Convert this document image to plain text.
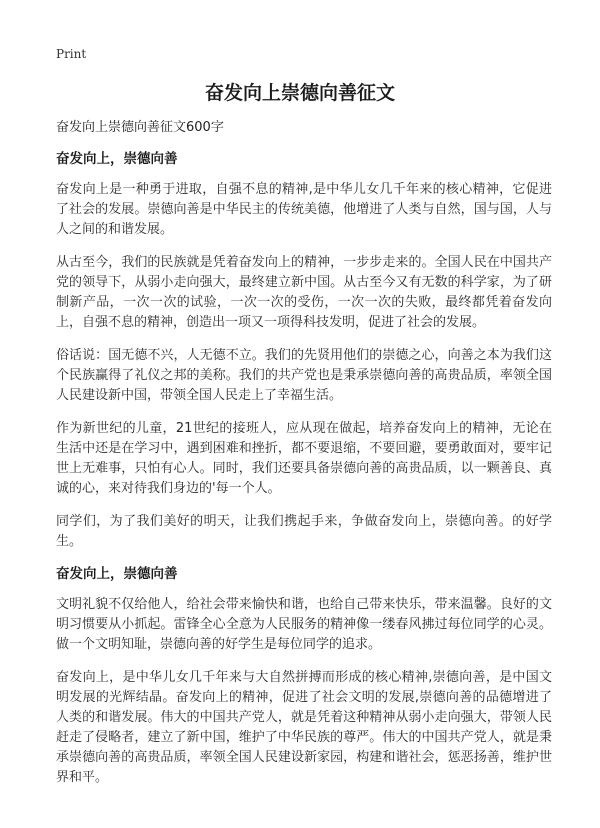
Print
奋发向上崇德向善征文

奋发向上崇德向善征文600字

奋发向上，崇德向善

奋发向上是一种勇于进取，自强不息的精神,是中华儿女几千年来的核心精神，它促进了社会的发展。崇德向善是中华民主的传统美德，他增进了人类与自然，国与国，人与人之间的和谐发展。

从古至今，我们的民族就是凭着奋发向上的精神，一步步走来的。全国人民在中国共产党的领导下，从弱小走向强大，最终建立新中国。从古至今又有无数的科学家，为了研制新产品，一次一次的试验，一次一次的受伤，一次一次的失败，最终都凭着奋发向上，自强不息的精神，创造出一项又一项得科技发明，促进了社会的发展。

俗话说：国无德不兴，人无德不立。我们的先贤用他们的崇德之心，向善之本为我们这个民族赢得了礼仪之邦的美称。我们的共产党也是秉承崇德向善的高贵品质，率领全国人民建设新中国，带领全国人民走上了幸福生活。

作为新世纪的儿童，21世纪的接班人，应从现在做起，培养奋发向上的精神，无论在生活中还是在学习中，遇到困难和挫折，都不要退缩，不要回避，要勇敢面对，要牢记世上无难事，只怕有心人。同时，我们还要具备崇德向善的高贵品质，以一颗善良、真诚的心，来对待我们身边的'每一个人。

同学们，为了我们美好的明天，让我们携起手来，争做奋发向上，崇德向善。的好学生。

奋发向上，崇德向善

文明礼貌不仅给他人，给社会带来愉快和谐，也给自己带来快乐，带来温馨。良好的文明习惯要从小抓起。雷锋全心全意为人民服务的精神像一缕春风拂过每位同学的心灵。做一个文明知耻，崇德向善的好学生是每位同学的追求。

奋发向上，是中华儿女几千年来与大自然拼搏而形成的核心精神,崇德向善，是中国文明发展的光辉结晶。奋发向上的精神，促进了社会文明的发展,崇德向善的品德增进了人类的和谐发展。伟大的中国共产党人，就是凭着这种精神从弱小走向强大，带领人民赶走了侵略者，建立了新中国，维护了中华民族的尊严。伟大的中国共产党人，就是秉承崇德向善的高贵品质，率领全国人民建设新家园，构建和谐社会，惩恶扬善，维护世界和平。
